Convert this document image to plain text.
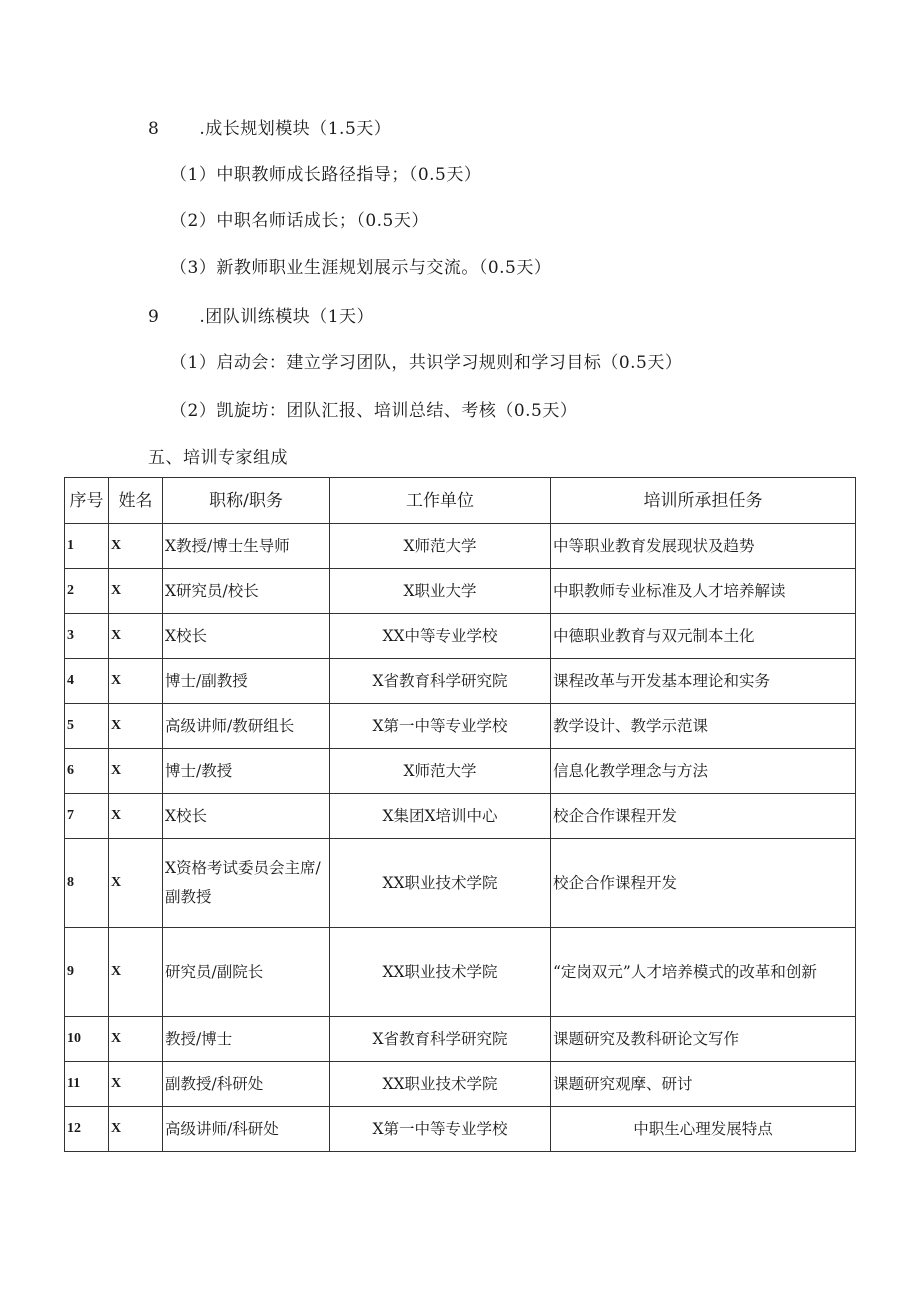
8 .成长规划模块（1.5天）
（1）中职教师成长路径指导；（0.5天）
（2）中职名师话成长；（0.5天）
（3）新教师职业生涯规划展示与交流。（0.5天）
9 .团队训练模块（1天）
（1）启动会：建立学习团队，共识学习规则和学习目标（0.5天）
（2）凯旋坊：团队汇报、培训总结、考核（0.5天）
五、培训专家组成
序号	姓名	职称/职务	工作单位	培训所承担任务
1	X	X教授/博士生导师	X师范大学	中等职业教育发展现状及趋势
2	X	X研究员/校长	X职业大学	中职教师专业标准及人才培养解读
3	X	X校长	XX中等专业学校	中德职业教育与双元制本土化
4	X	博士/副教授	X省教育科学研究院	课程改革与开发基本理论和实务
5	X	高级讲师/教研组长	X第一中等专业学校	教学设计、教学示范课
6	X	博士/教授	X师范大学	信息化教学理念与方法
7	X	X校长	X集团X培训中心	校企合作课程开发
8	X	X资格考试委员会主席/副教授	XX职业技术学院	校企合作课程开发
9	X	研究员/副院长	XX职业技术学院	“定岗双元”人才培养模式的改革和创新
10	X	教授/博士	X省教育科学研究院	课题研究及教科研论文写作
11	X	副教授/科研处	XX职业技术学院	课题研究观摩、研讨
12	X	高级讲师/科研处	X第一中等专业学校	中职生心理发展特点
